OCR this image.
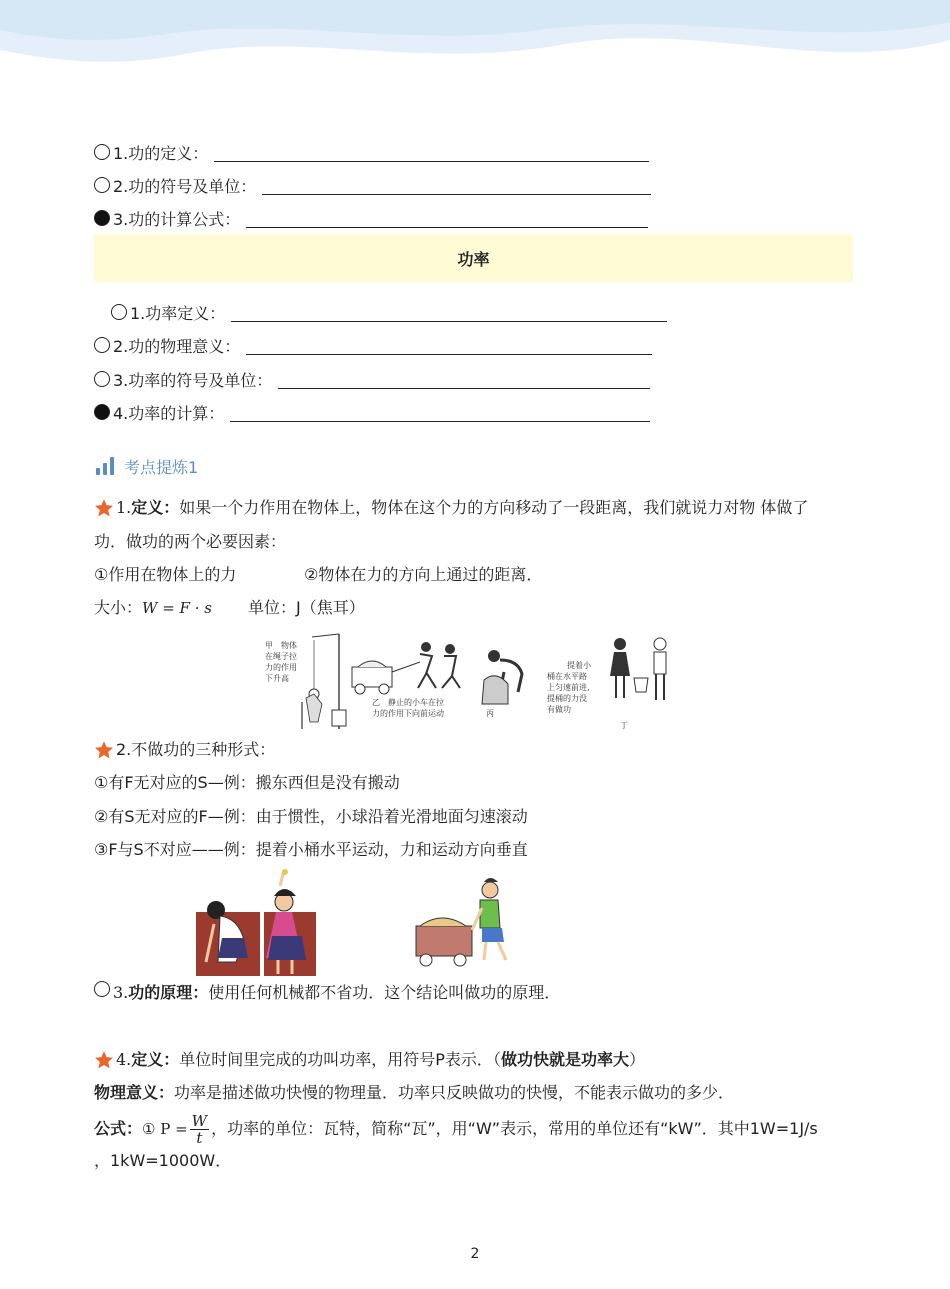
1.功的定义：
2.功的符号及单位：
3.功的计算公式：
功率
1.功率定义：
2.功的物理意义：
3.功率的符号及单位：
4.功率的计算：
考点提炼1
1. 定义： 如果一个力作用在物体上，物体在这个力的方向移动了一段距离，我们就说力对物 体做了
功．做功的两个必要因素：
①作用在物体上的力	②物体在力的方向上通过的距离．
大小：W = F · s 单位：J（焦耳）
甲　物体
在绳子拉
力的作用
下升高
乙　静止的小车在拉
力的作用下向前运动	丙
提着小
桶在水平路
上匀速前进,
提桶的力没
有做功
丁
2.不做功的三种形式：
①有F无对应的S—例：搬东西但是没有搬动
②有S无对应的F—例：由于惯性，小球沿着光滑地面匀速滚动
③F与S不对应——例：提着小桶水平运动，力和运动方向垂直
3. 功的原理： 使用任何机械都不省功．这个结论叫做功的原理．
4. 定义： 单位时间里完成的功叫功率，用符号P表示．（ 做功快就是功率大 ）
物理意义：功率是描述做功快慢的物理量．功率只反映做功的快慢，不能表示做功的多少．
公式： ① $P = \frac{W}{t}$ ，功率的单位：瓦特，简称“瓦”，用“W”表示，常用的单位还有“kW”．其中1W=1J/s
，1kW=1000W．
2
